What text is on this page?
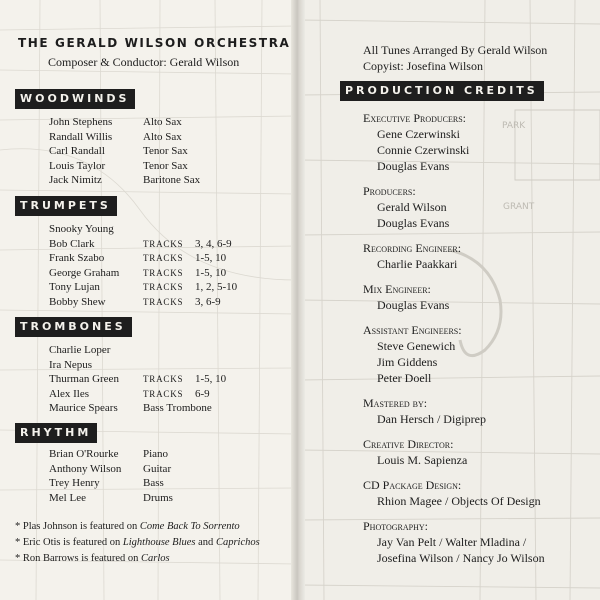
THE GERALD WILSON ORCHESTRA
Composer & Conductor: Gerald Wilson
WOODWINDS
John Stephens	Alto Sax
Randall Willis	Alto Sax
Carl Randall	Tenor Sax
Louis Taylor	Tenor Sax
Jack Nimitz	Baritone Sax
TRUMPETS
Snooky Young
Bob Clark	TRACKS 3, 4, 6-9
Frank Szabo	TRACKS 1-5, 10
George Graham	TRACKS 1-5, 10
Tony Lujan	TRACKS 1, 2, 5-10
Bobby Shew	TRACKS 3, 6-9
TROMBONES
Charlie Loper
Ira Nepus
Thurman Green	TRACKS 1-5, 10
Alex Iles	TRACKS 6-9
Maurice Spears Bass Trombone
RHYTHM
Brian O'Rourke Piano
Anthony Wilson Guitar
Trey Henry	Bass
Mel Lee	Drums
* Plas Johnson is featured on Come Back To Sorrento
* Eric Otis is featured on Lighthouse Blues and Caprichos
* Ron Barrows is featured on Carlos
GRANT
PARK
All Tunes Arranged By Gerald Wilson
Copyist: Josefina Wilson
PRODUCTION CREDITS
Executive Producers:
Gene Czerwinski
Connie Czerwinski
Douglas Evans
Producers:
Gerald Wilson
Douglas Evans
Recording Engineer:
Charlie Paakkari
Mix Engineer:
Douglas Evans
Assistant Engineers:
Steve Genewich
Jim Giddens
Peter Doell
Mastered by:
Dan Hersch / Digiprep
Creative Director:
Louis M. Sapienza
CD Package Design:
Rhion Magee / Objects Of Design
Photography:
Jay Van Pelt / Walter Mladina /
Josefina Wilson / Nancy Jo Wilson
